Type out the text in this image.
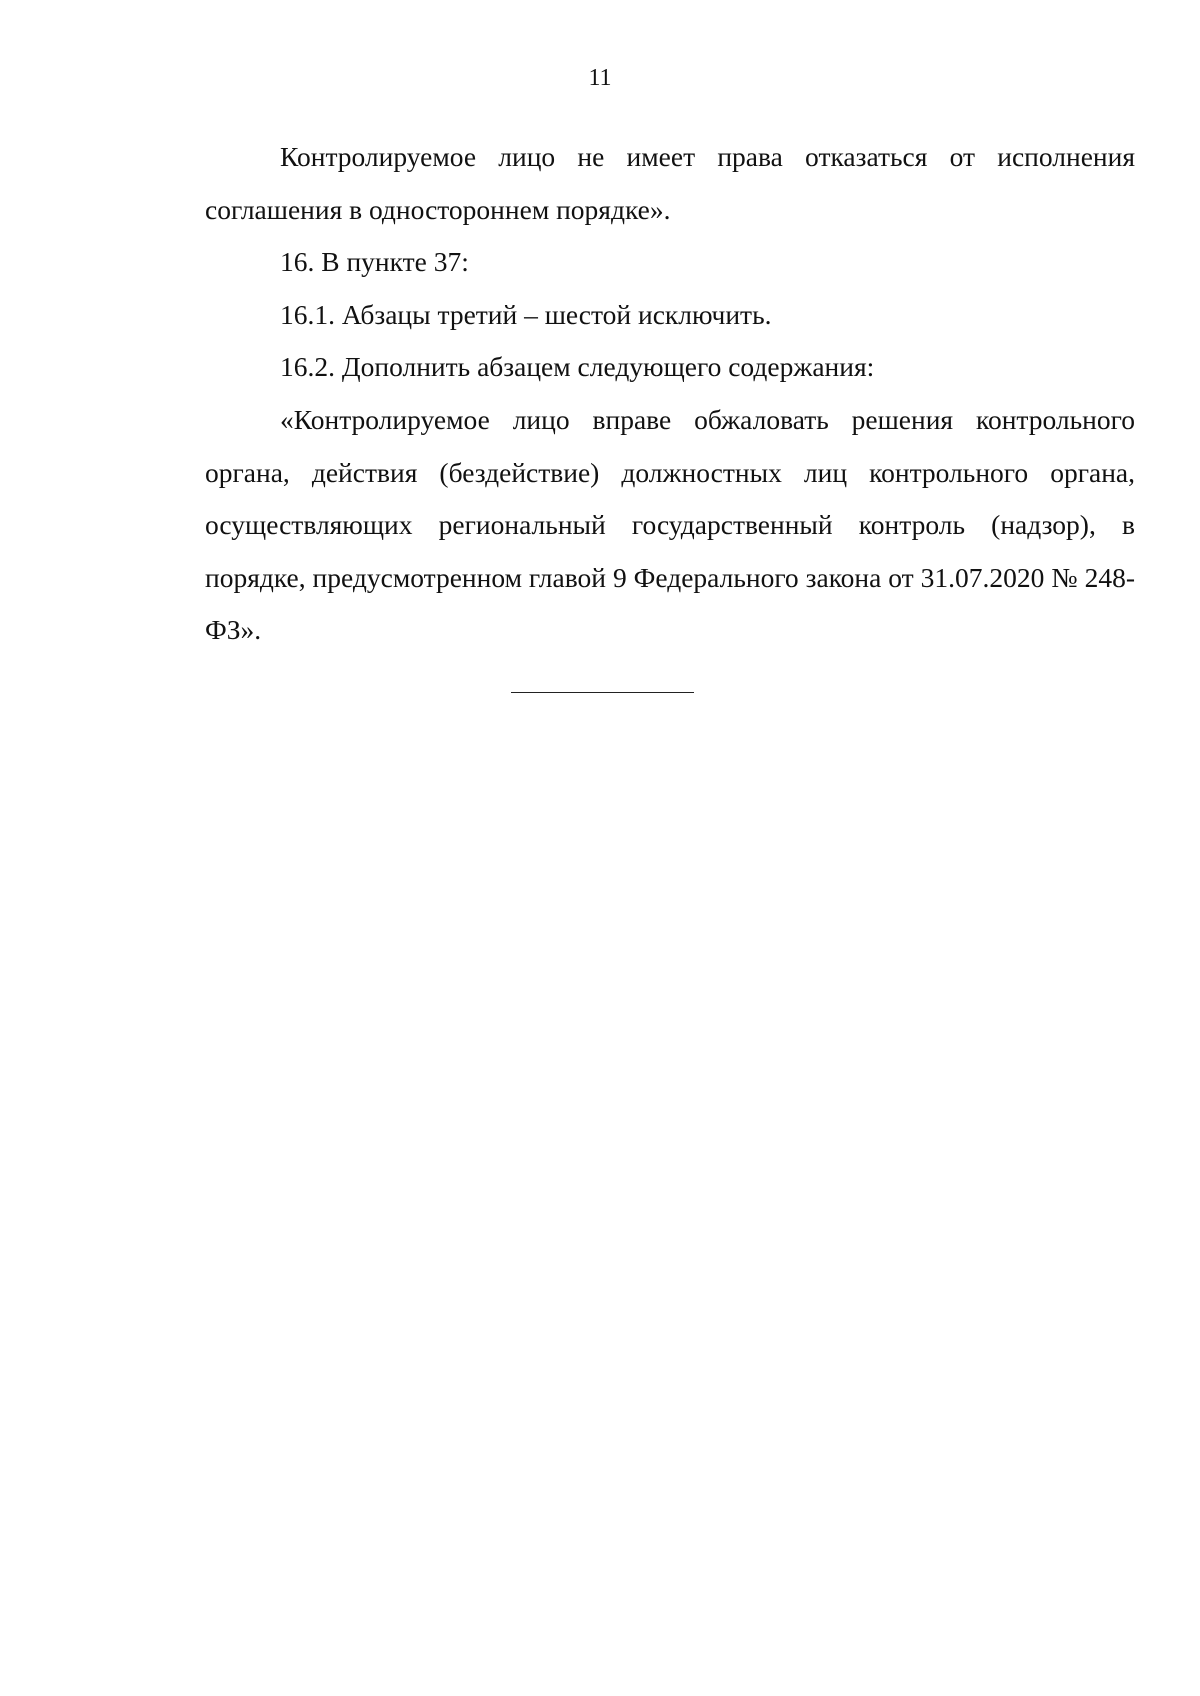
11

Контролируемое лицо не имеет права отказаться от исполнения соглашения в одностороннем порядке».

16. В пункте 37:

16.1. Абзацы третий – шестой исключить.

16.2. Дополнить абзацем следующего содержания:

«Контролируемое лицо вправе обжаловать решения контрольного органа, действия (бездействие) должностных лиц контрольного органа, осуществляющих региональный государственный контроль (надзор), в порядке, предусмотренном главой 9 Федерального закона от 31.07.2020 № 248-ФЗ».
